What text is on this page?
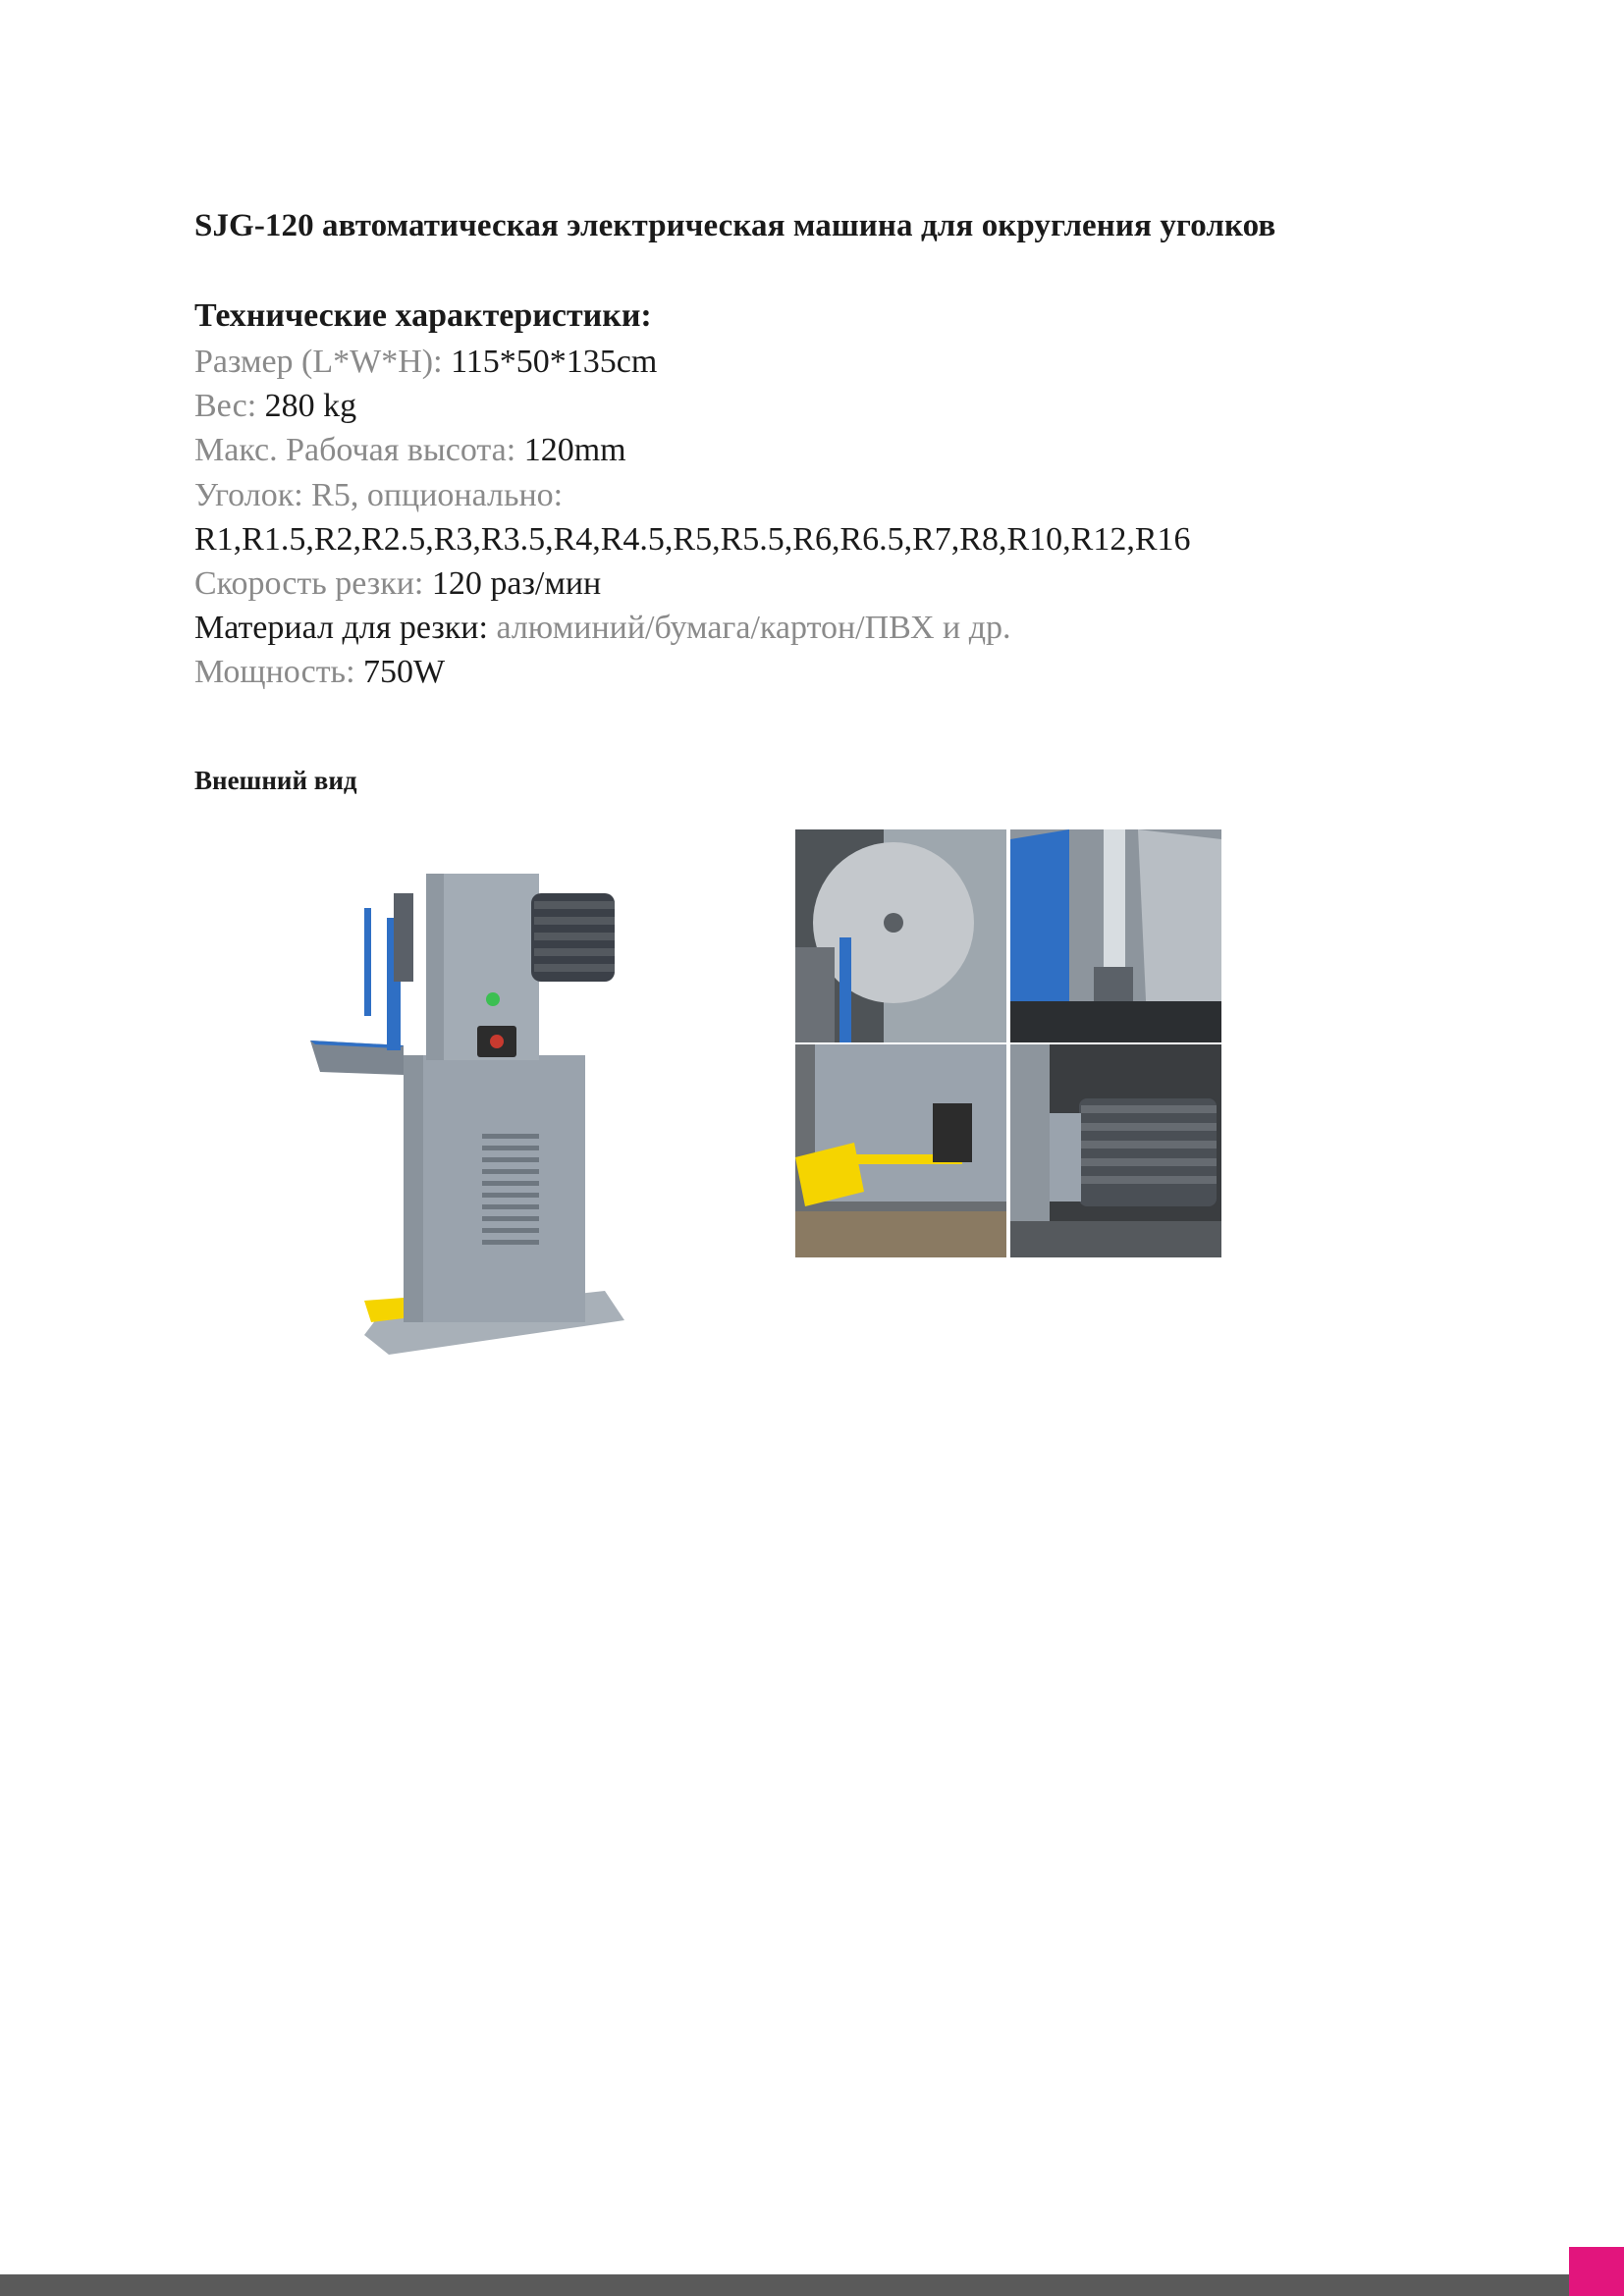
SJG-120 автоматическая электрическая машина для округления уголков
Технические характеристики:
Размер (L*W*H): 115*50*135cm
Вес: 280 kg
Макс. Рабочая высота: 120mm
Уголок: R5, опционально:
R1,R1.5,R2,R2.5,R3,R3.5,R4,R4.5,R5,R5.5,R6,R6.5,R7,R8,R10,R12,R16
Скорость резки: 120 раз/мин
Материал для резки: алюминий/бумага/картон/ПВХ и др.
Мощность: 750W
Внешний вид
